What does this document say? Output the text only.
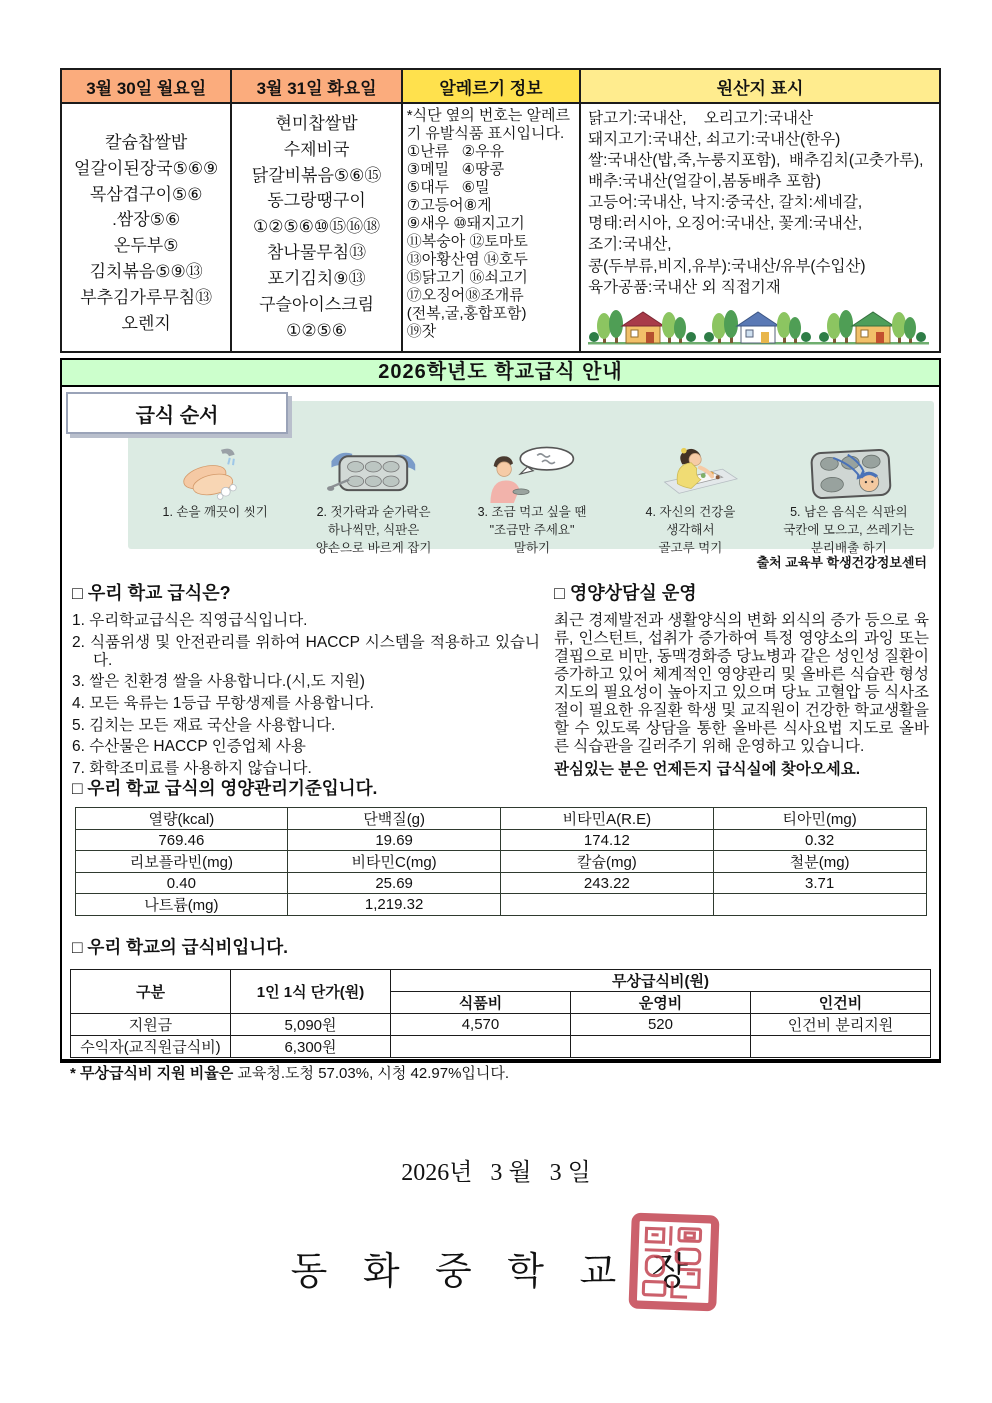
3월 30일 월요일	3월 31일 화요일	알레르기 정보	원산지 표시

칼슘찹쌀밥
얼갈이된장국⑤⑥⑨
목삼겹구이⑤⑥
.쌈장⑤⑥
온두부⑤
김치볶음⑤⑨⑬
부추김가루무침⑬
오렌지

현미찹쌀밥
수제비국
닭갈비볶음⑤⑥⑮
동그랑땡구이
①②⑤⑥⑩⑮⑯⑱
참나물무침⑬
포기김치⑨⑬
구슬아이스크림
①②⑤⑥

*식단 옆의 번호는 알레르기 유발식품 표시입니다.
①난류   ②우유
③메밀   ④땅콩
⑤대두   ⑥밀
⑦고등어⑧게
⑨새우 ⑩돼지고기
⑪복숭아 ⑫토마토
⑬아황산염 ⑭호두
⑮닭고기 ⑯쇠고기
⑰오징어⑱조개류
(전복,굴,홍합포함)
⑲잣

닭고기:국내산,    오리고기:국내산
돼지고기:국내산, 쇠고기:국내산(한우)
쌀:국내산(밥,죽,누룽지포함),  배추김치(고춧가루), 배추:국내산(얼갈이,봄동배추 포함)
고등어:국내산, 낙지:중국산, 갈치:세네갈,
명태:러시아, 오징어:국내산, 꽃게:국내산,
조기:국내산,
콩(두부류,비지,유부):국내산/유부(수입산)
육가공품:국내산 외 직접기재
2026학년도 학교급식 안내
1. 손을 깨끗이 씻기	2. 젓가락과 숟가락은
하나씩만, 식판은
양손으로 바르게 잡기
3. 조금 먹고 싶을 땐
"조금만 주세요"
말하기
4. 자신의 건강을
생각해서
골고루 먹기
5. 남은 음식은 식판의
국칸에 모으고, 쓰레기는
분리배출 하기
급식 순서
출처 교육부 학생건강정보센터
□ 우리 학교 급식은?
1. 우리학교급식은 직영급식입니다.
2. 식품위생 및 안전관리를 위하여 HACCP 시스템을 적용하고 있습니다.
3. 쌀은 친환경 쌀을 사용합니다.(시,도 지원)
4. 모든 육류는 1등급 무항생제를 사용합니다.
5. 김치는 모든 재료 국산을 사용합니다.
6. 수산물은 HACCP 인증업체 사용
7. 화학조미료를 사용하지 않습니다.
□ 영양상담실 운영
최근 경제발전과 생활양식의 변화 외식의 증가 등으로 육류, 인스턴트, 섭취가 증가하여 특정 영양소의 과잉 또는 결핍으로 비만, 동맥경화증 당뇨병과 같은 성인성 질환이 증가하고 있어 체계적인 영양관리 및 올바른 식습관 형성지도의 필요성이 높아지고 있으며 당뇨 고혈압 등 식사조절이 필요한 유질환 학생 및 교직원이 건강한 학교생활을 할 수 있도록 상담을 통한 올바른 식사요법 지도로 올바른 식습관을 길러주기 위해 운영하고 있습니다.
관심있는 분은 언제든지 급식실에 찾아오세요.
□ 우리 학교 급식의 영양관리기준입니다.
열량(kcal)	단백질(g)	비타민A(R.E)	티아민(mg)
769.46	19.69	174.12	0.32
리보플라빈(mg)	비타민C(mg)	칼슘(mg)	철분(mg)
0.40	25.69	243.22	3.71
나트륨(mg)	1,219.32		
□ 우리 학교의 급식비입니다.
구분	1인 1식 단가(원)	무상급식비(원)		
		식품비	운영비	인건비
지원금	5,090원	4,570	520	인건비 분리지원
수익자(교직원급식비)	6,300원			
* 무상급식비 지원 비율은 교육청.도청 57.03%, 시청 42.97%입니다.
2026년   3 월   3 일
동 화 중 학 교 장
